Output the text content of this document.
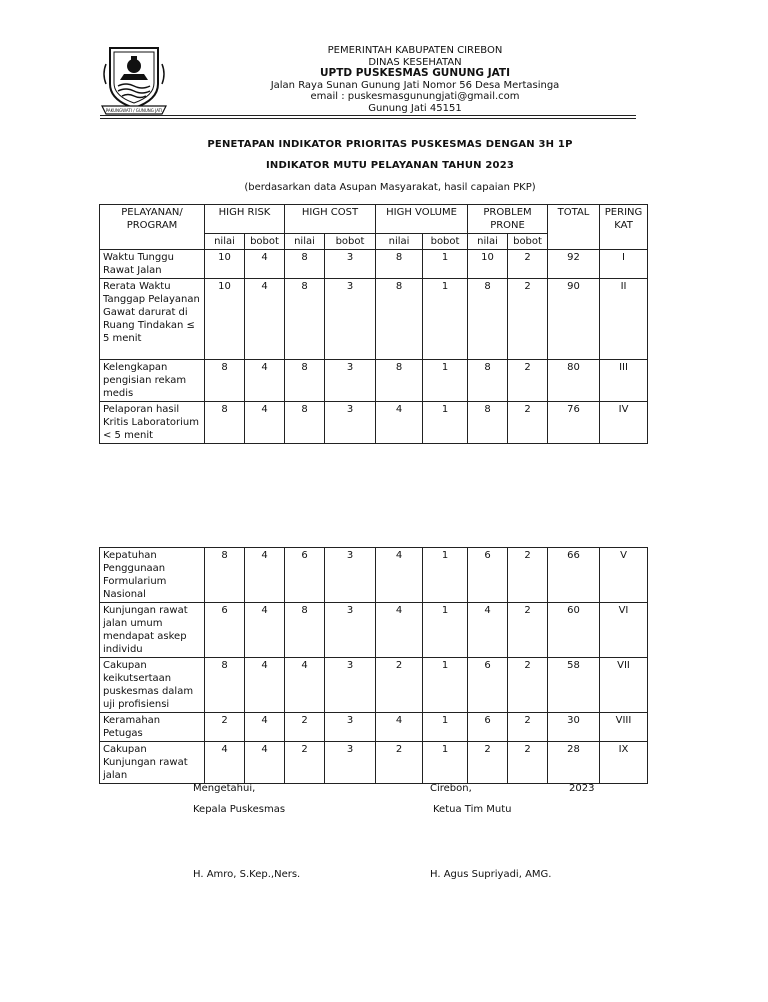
PAKUNGWATI / GUNUNG JATI
PEMERINTAH KABUPATEN CIREBON
DINAS KESEHATAN
UPTD PUSKESMAS GUNUNG JATI
Jalan Raya Sunan Gunung Jati Nomor 56 Desa Mertasinga
email : puskesmasgunungjati@gmail.com
Gunung Jati 45151
PENETAPAN INDIKATOR PRIORITAS PUSKESMAS DENGAN 3H 1P
INDIKATOR MUTU PELAYANAN TAHUN 2023
(berdasarkan data Asupan Masyarakat, hasil capaian PKP)
PELAYANAN/ PROGRAM	HIGH RISK		HIGH COST		HIGH VOLUME		PROBLEM PRONE		TOTAL	PERINGKAT
	nilai	bobot	nilai	bobot	nilai	bobot	nilai	bobot		
Waktu Tunggu Rawat Jalan	10	4	8	3	8	1	10	2	92	I
Rerata Waktu Tanggap Pelayanan Gawat darurat di Ruang Tindakan ≤ 5 menit	10	4	8	3	8	1	8	2	90	II
Kelengkapan pengisian rekam medis	8	4	8	3	8	1	8	2	80	III
Pelaporan hasil Kritis Laboratorium < 5 menit	8	4	8	3	4	1	8	2	76	IV
Kepatuhan Penggunaan Formularium Nasional	8	4	6	3	4	1	6	2	66	V
Kunjungan rawat jalan umum mendapat askep individu	6	4	8	3	4	1	4	2	60	VI
Cakupan keikutsertaan puskesmas dalam uji profisiensi	8	4	4	3	2	1	6	2	58	VII
Keramahan Petugas	2	4	2	3	4	1	6	2	30	VIII
Cakupan Kunjungan rawat jalan	4	4	2	3	2	1	2	2	28	IX
Mengetahui,
Kepala Puskesmas
H. Amro, S.Kep.,Ners.
Cirebon,	2023
Ketua Tim Mutu
H. Agus Supriyadi, AMG.
